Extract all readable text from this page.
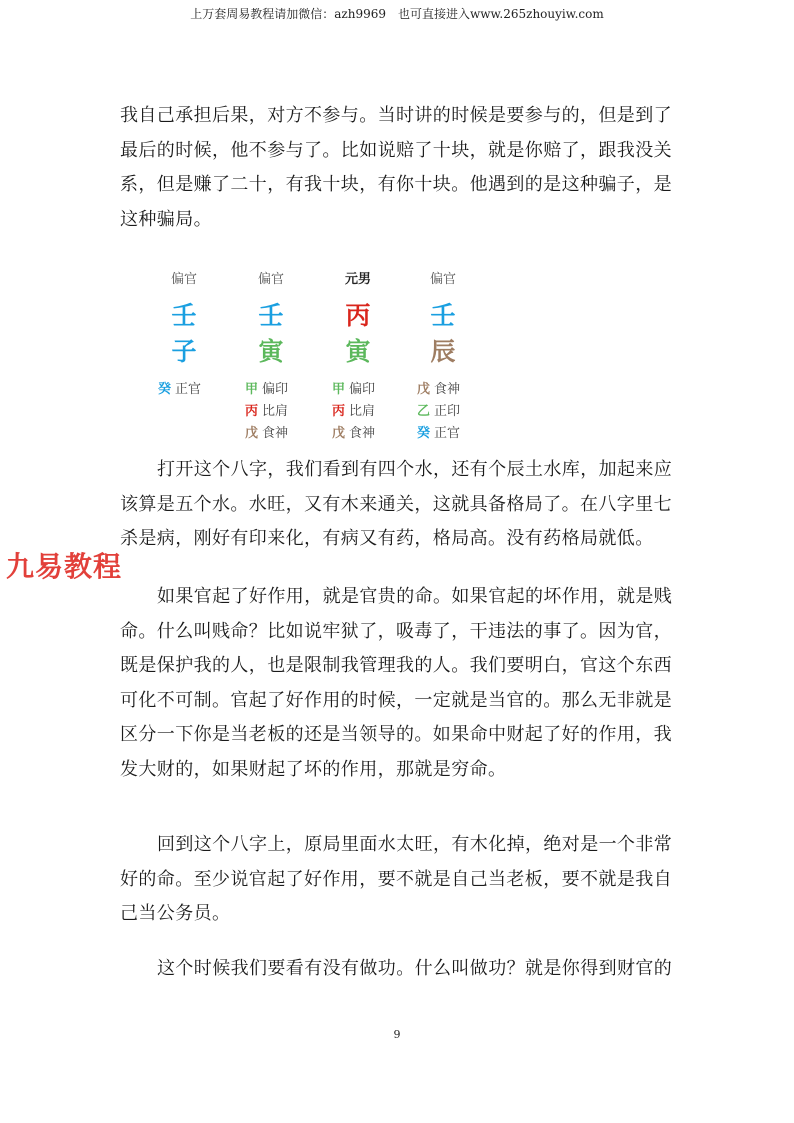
上万套周易教程请加微信：azh9969　也可直接进入www.265zhouyiw.com

我自己承担后果，对方不参与。当时讲的时候是要参与的，但是到了最后的时候，他不参与了。比如说赔了十块，就是你赔了，跟我没关系，但是赚了二十，有我十块，有你十块。他遇到的是这种骗子，是这种骗局。

偏官
壬
子
癸 正官
偏官
壬
寅
甲 偏印
丙 比肩
戊 食神
元男
丙
寅
甲 偏印
丙 比肩
戊 食神
偏官
壬
辰
戊 食神
乙 正印
癸 正官

打开这个八字，我们看到有四个水，还有个辰土水库，加起来应该算是五个水。水旺，又有木来通关，这就具备格局了。在八字里七杀是病，刚好有印来化，有病又有药，格局高。没有药格局就低。

如果官起了好作用，就是官贵的命。如果官起的坏作用，就是贱命。什么叫贱命？比如说牢狱了，吸毒了，干违法的事了。因为官，既是保护我的人，也是限制我管理我的人。我们要明白，官这个东西可化不可制。官起了好作用的时候，一定就是当官的。那么无非就是区分一下你是当老板的还是当领导的。如果命中财起了好的作用，我发大财的，如果财起了坏的作用，那就是穷命。

回到这个八字上，原局里面水太旺，有木化掉，绝对是一个非常好的命。至少说官起了好作用，要不就是自己当老板，要不就是我自己当公务员。

这个时候我们要看有没有做功。什么叫做功？就是你得到财官的

九易教程
9
